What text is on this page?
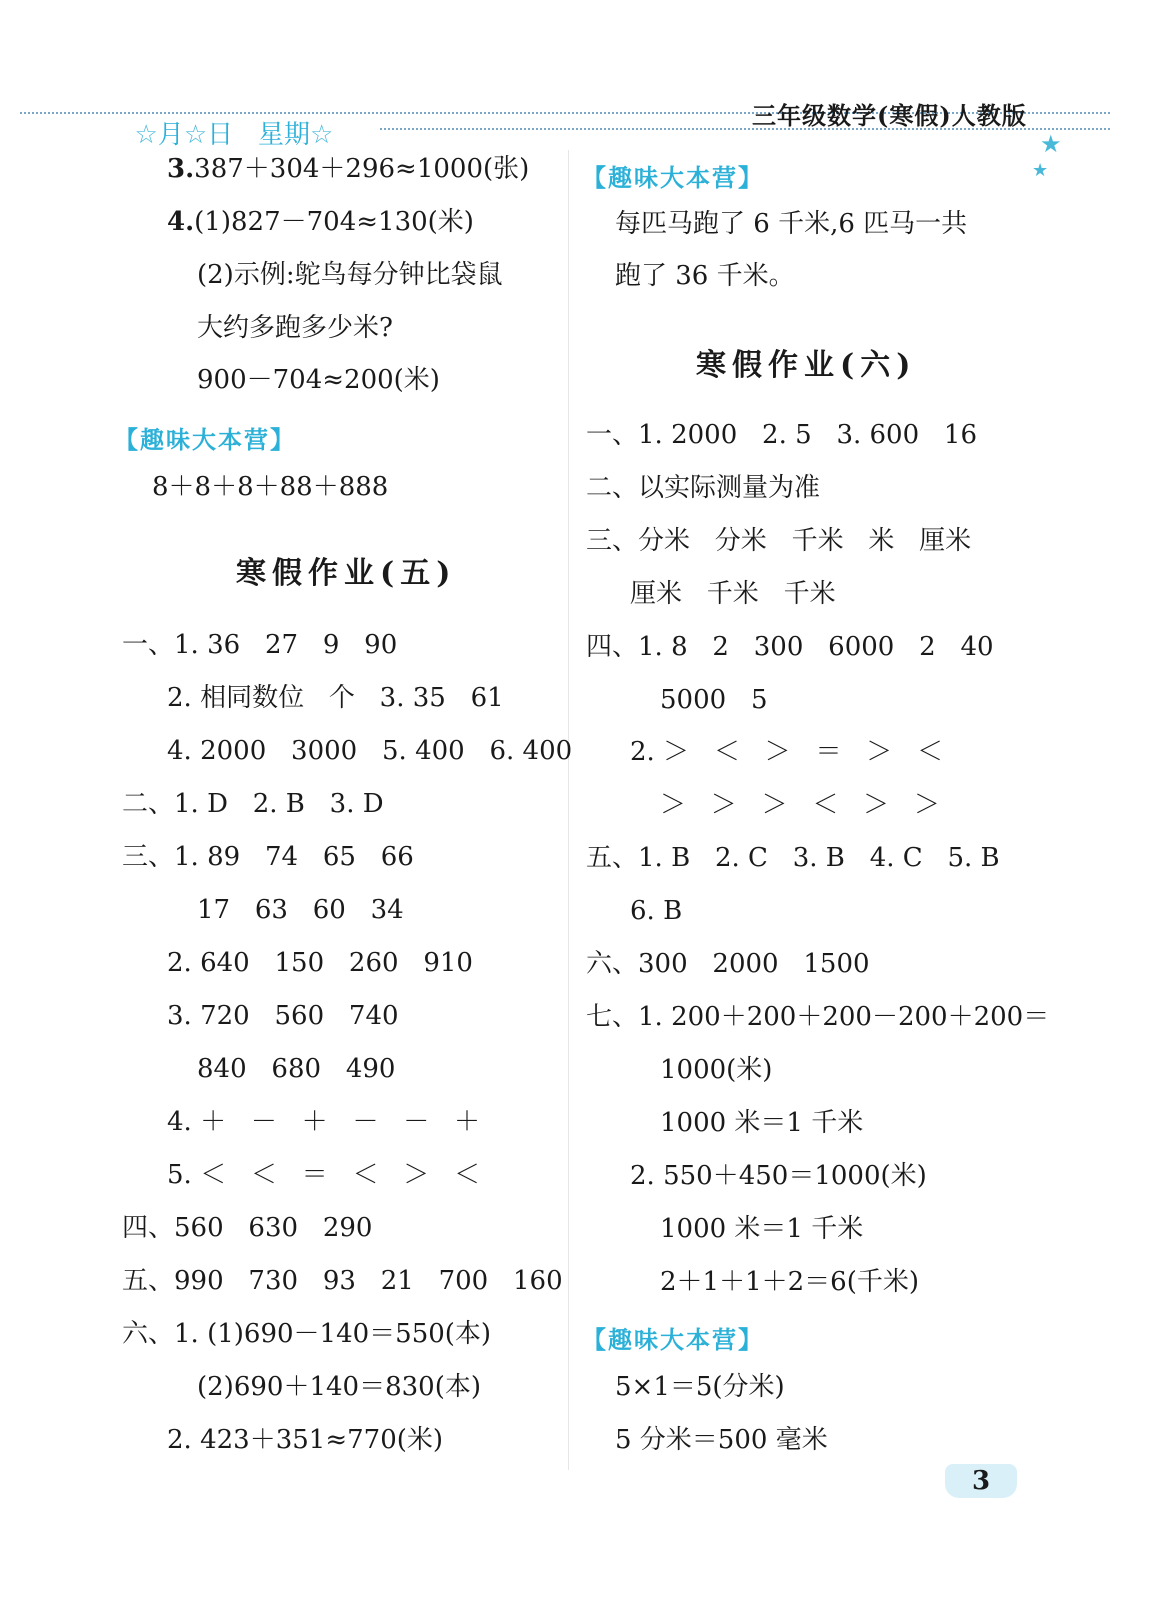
☆月☆日 星期☆

三年级数学(寒假)人教版
★
★
3.387＋304＋296≈1000(张)
4.(1)827－704≈130(米)
(2)示例:鸵鸟每分钟比袋鼠
大约多跑多少米?
900－704≈200(米)
【趣味大本营】
8＋8＋8＋88＋888
寒假作业(五)
一、1. 36   27   9   90
2. 相同数位   个   3. 35   61
4. 2000   3000   5. 400   6. 400
二、1. D   2. B   3. D
三、1. 89   74   65   66
17   63   60   34
2. 640   150   260   910
3. 720   560   740
840   680   490
4. ＋   －   ＋   －   －   ＋
5. ＜   ＜   ＝   ＜   ＞   ＜
四、560   630   290
五、990   730   93   21   700   160
六、1. (1)690－140＝550(本)
(2)690＋140＝830(本)
2. 423＋351≈770(米)
【趣味大本营】
每匹马跑了 6 千米,6 匹马一共
跑了 36 千米。
寒假作业(六)
一、1. 2000   2. 5   3. 600   16
二、以实际测量为准
三、分米   分米   千米   米   厘米
厘米   千米   千米
四、1. 8   2   300   6000   2   40
5000   5
2. ＞   ＜   ＞   ＝   ＞   ＜
＞   ＞   ＞   ＜   ＞   ＞
五、1. B   2. C   3. B   4. C   5. B
6. B
六、300   2000   1500
七、1. 200＋200＋200－200＋200＝
1000(米)
1000 米＝1 千米
2. 550＋450＝1000(米)
1000 米＝1 千米
2＋1＋1＋2＝6(千米)
【趣味大本营】
5×1＝5(分米)
5 分米＝500 毫米
3
